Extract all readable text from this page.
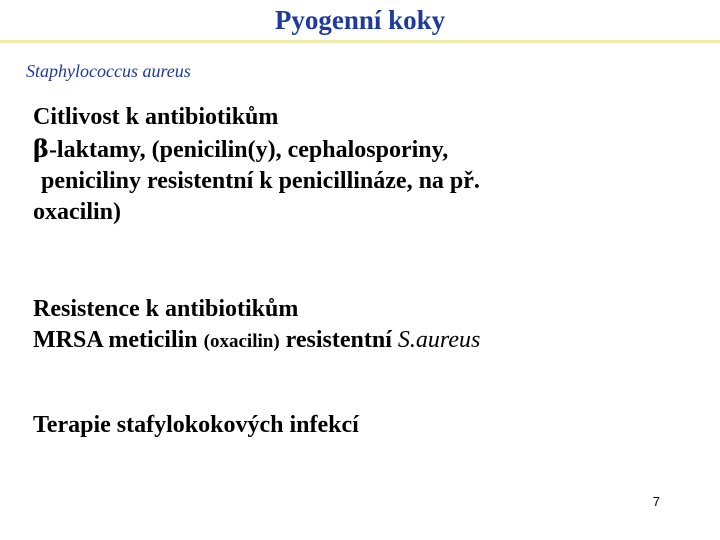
Pyogenní koky
Staphylococcus aureus
Citlivost k antibiotikům
β-laktamy, (penicilin(y), cephalosporiny,
peniciliny resistentní k penicillináze, na př.
oxacilin)
Resistence k antibiotikům
MRSA meticilin (oxacilin) resistentní S.aureus
Terapie stafylokokových infekcí
7
